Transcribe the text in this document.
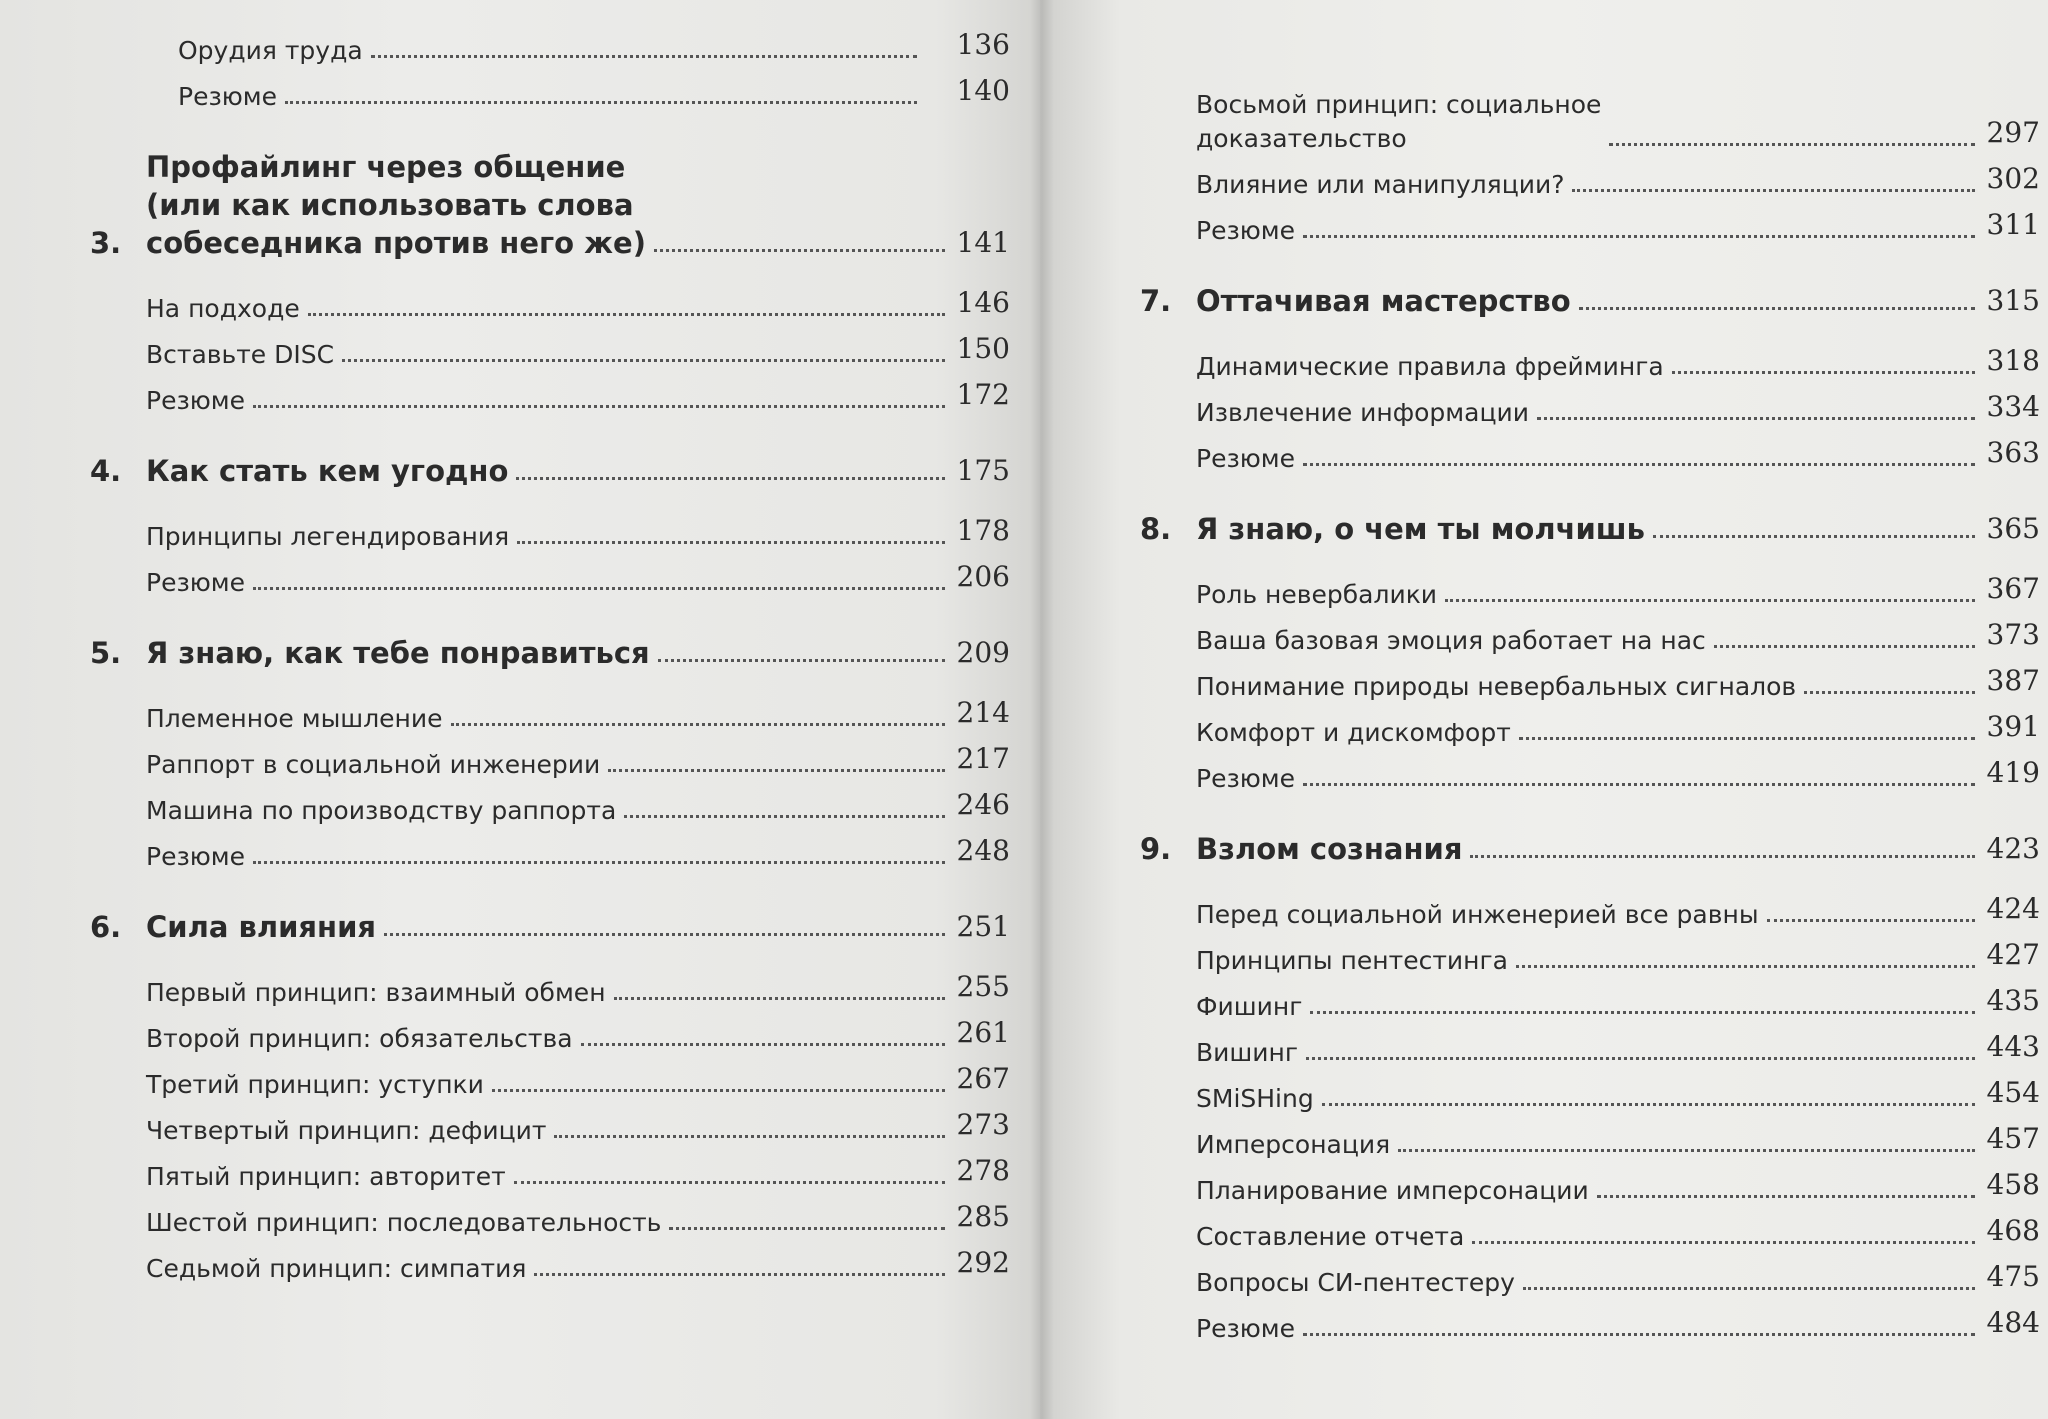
Орудия труда	136
Резюме	140
3.
Профайлинг через общение
(или как использовать слова
собеседника против него же)	141
На подходе	146
Вставьте DISC	150
Резюме	172
4. Как стать кем угодно	175
Принципы легендирования	178
Резюме	206
5. Я знаю, как тебе понравиться	209
Племенное мышление	214
Раппорт в социальной инженерии	217
Машина по производству раппорта	246
Резюме	248
6. Сила влияния	251
Первый принцип: взаимный обмен	255
Второй принцип: обязательства	261
Третий принцип: уступки	267
Четвертый принцип: дефицит	273
Пятый принцип: авторитет	278
Шестой принцип: последовательность	285
Седьмой принцип: симпатия	292
Восьмой принцип: социальное
доказательство	297
Влияние или манипуляции?	302
Резюме	311
7. Оттачивая мастерство	315
Динамические правила фрейминга	318
Извлечение информации	334
Резюме	363
8. Я знаю, о чем ты молчишь	365
Роль невербалики	367
Ваша базовая эмоция работает на нас	373
Понимание природы невербальных сигналов	387
Комфорт и дискомфорт	391
Резюме	419
9. Взлом сознания	423
Перед социальной инженерией все равны	424
Принципы пентестинга	427
Фишинг	435
Вишинг	443
SMiSHing	454
Имперсонация	457
Планирование имперсонации	458
Составление отчета	468
Вопросы СИ-пентестеру	475
Резюме	484
